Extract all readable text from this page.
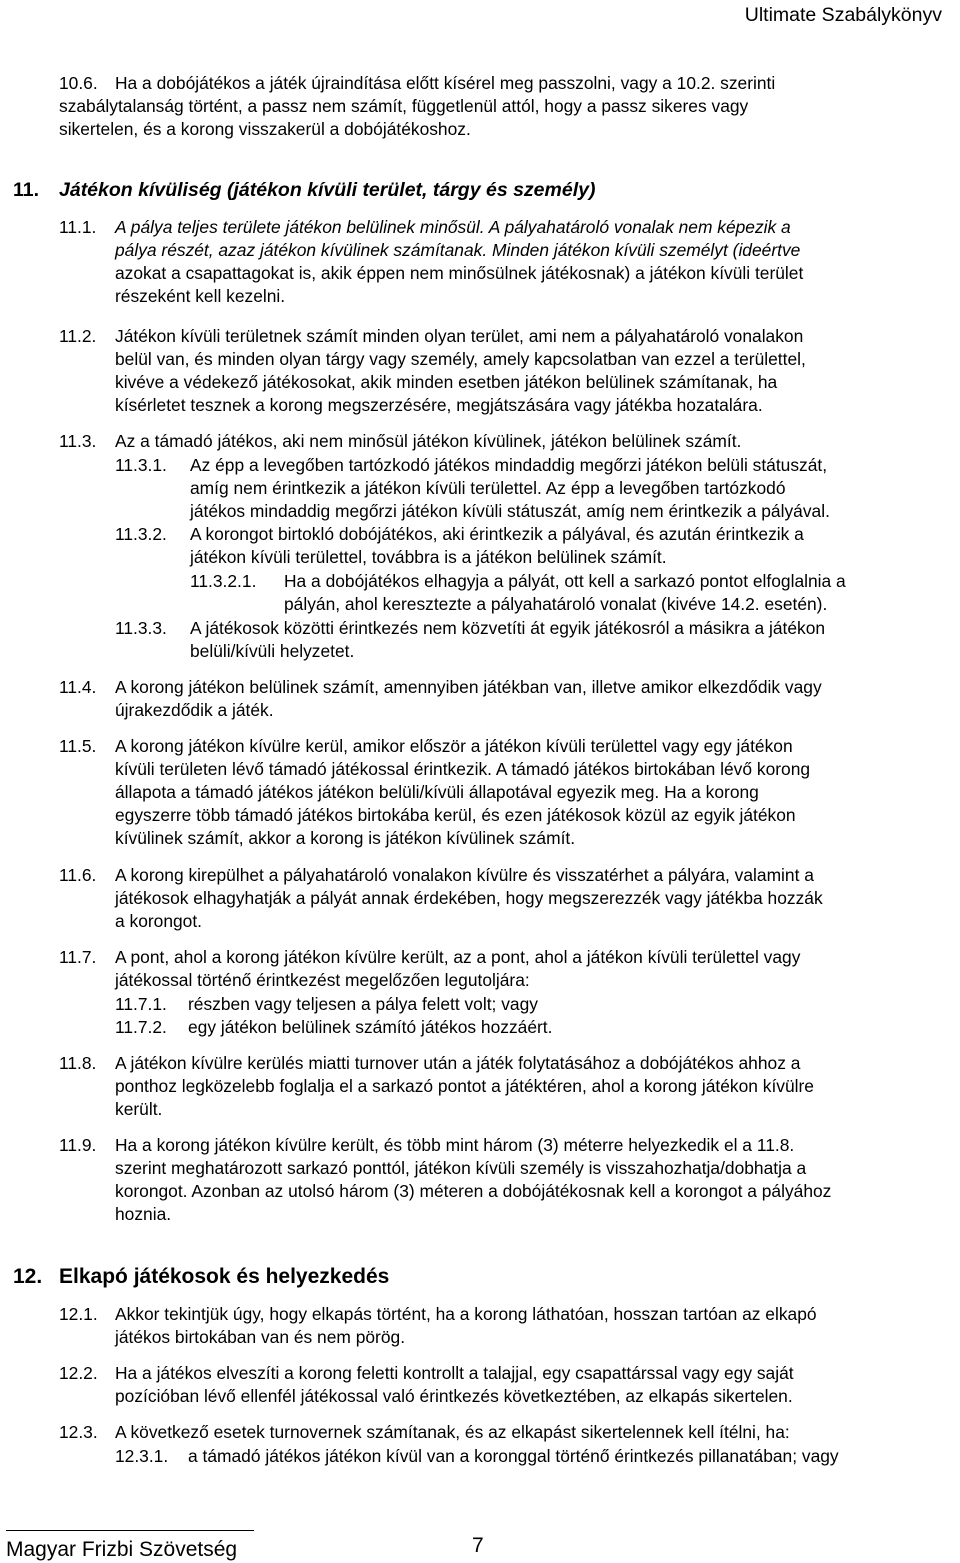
Ultimate Szabálykönyv
10.6. Ha a dobójátékos a játék újraindítása előtt kísérel meg passzolni, vagy a 10.2. szerinti
szabálytalanság történt, a passz nem számít, függetlenül attól, hogy a passz sikeres vagy
sikertelen, és a korong visszakerül a dobójátékoshoz.
11. Játékon kívüliség (játékon kívüli terület, tárgy és személy)
11.1. A pálya teljes területe játékon belülinek minősül. A pályahatároló vonalak nem képezik a
pálya részét, azaz játékon kívülinek számítanak. Minden játékon kívüli személyt (ideértve
azokat a csapattagokat is, akik éppen nem minősülnek játékosnak) a játékon kívüli terület
részeként kell kezelni.
11.2. Játékon kívüli területnek számít minden olyan terület, ami nem a pályahatároló vonalakon
belül van, és minden olyan tárgy vagy személy, amely kapcsolatban van ezzel a területtel,
kivéve a védekező játékosokat, akik minden esetben játékon belülinek számítanak, ha
kísérletet tesznek a korong megszerzésére, megjátszására vagy játékba hozatalára.
11.3. Az a támadó játékos, aki nem minősül játékon kívülinek, játékon belülinek számít.
11.3.1. Az épp a levegőben tartózkodó játékos mindaddig megőrzi játékon belüli státuszát,
amíg nem érintkezik a játékon kívüli területtel. Az épp a levegőben tartózkodó
játékos mindaddig megőrzi játékon kívüli státuszát, amíg nem érintkezik a pályával.
11.3.2. A korongot birtokló dobójátékos, aki érintkezik a pályával, és azután érintkezik a
játékon kívüli területtel, továbbra is a játékon belülinek számít.
11.3.2.1. Ha a dobójátékos elhagyja a pályát, ott kell a sarkazó pontot elfoglalnia a
pályán, ahol keresztezte a pályahatároló vonalat (kivéve 14.2. esetén).
11.3.3. A játékosok közötti érintkezés nem közvetíti át egyik játékosról a másikra a játékon
belüli/kívüli helyzetet.
11.4. A korong játékon belülinek számít, amennyiben játékban van, illetve amikor elkezdődik vagy
újrakezdődik a játék.
11.5. A korong játékon kívülre kerül, amikor először a játékon kívüli területtel vagy egy játékon
kívüli területen lévő támadó játékossal érintkezik. A támadó játékos birtokában lévő korong
állapota a támadó játékos játékon belüli/kívüli állapotával egyezik meg. Ha a korong
egyszerre több támadó játékos birtokába kerül, és ezen játékosok közül az egyik játékon
kívülinek számít, akkor a korong is játékon kívülinek számít.
11.6. A korong kirepülhet a pályahatároló vonalakon kívülre és visszatérhet a pályára, valamint a
játékosok elhagyhatják a pályát annak érdekében, hogy megszerezzék vagy játékba hozzák
a korongot.
11.7. A pont, ahol a korong játékon kívülre került, az a pont, ahol a játékon kívüli területtel vagy
játékossal történő érintkezést megelőzően legutoljára:
11.7.1. részben vagy teljesen a pálya felett volt; vagy
11.7.2. egy játékon belülinek számító játékos hozzáért.
11.8. A játékon kívülre kerülés miatti turnover után a játék folytatásához a dobójátékos ahhoz a
ponthoz legközelebb foglalja el a sarkazó pontot a játéktéren, ahol a korong játékon kívülre
került.
11.9. Ha a korong játékon kívülre került, és több mint három (3) méterre helyezkedik el a 11.8.
szerint meghatározott sarkazó ponttól, játékon kívüli személy is visszahozhatja/dobhatja a
korongot. Azonban az utolsó három (3) méteren a dobójátékosnak kell a korongot a pályához
hoznia.
12. Elkapó játékosok és helyezkedés
12.1. Akkor tekintjük úgy, hogy elkapás történt, ha a korong láthatóan, hosszan tartóan az elkapó
játékos birtokában van és nem pörög.
12.2. Ha a játékos elveszíti a korong feletti kontrollt a talajjal, egy csapattárssal vagy egy saját
pozícióban lévő ellenfél játékossal való érintkezés következtében, az elkapás sikertelen.
12.3. A következő esetek turnovernek számítanak, és az elkapást sikertelennek kell ítélni, ha:
12.3.1. a támadó játékos játékon kívül van a koronggal történő érintkezés pillanatában; vagy
Magyar Frizbi Szövetség	7
